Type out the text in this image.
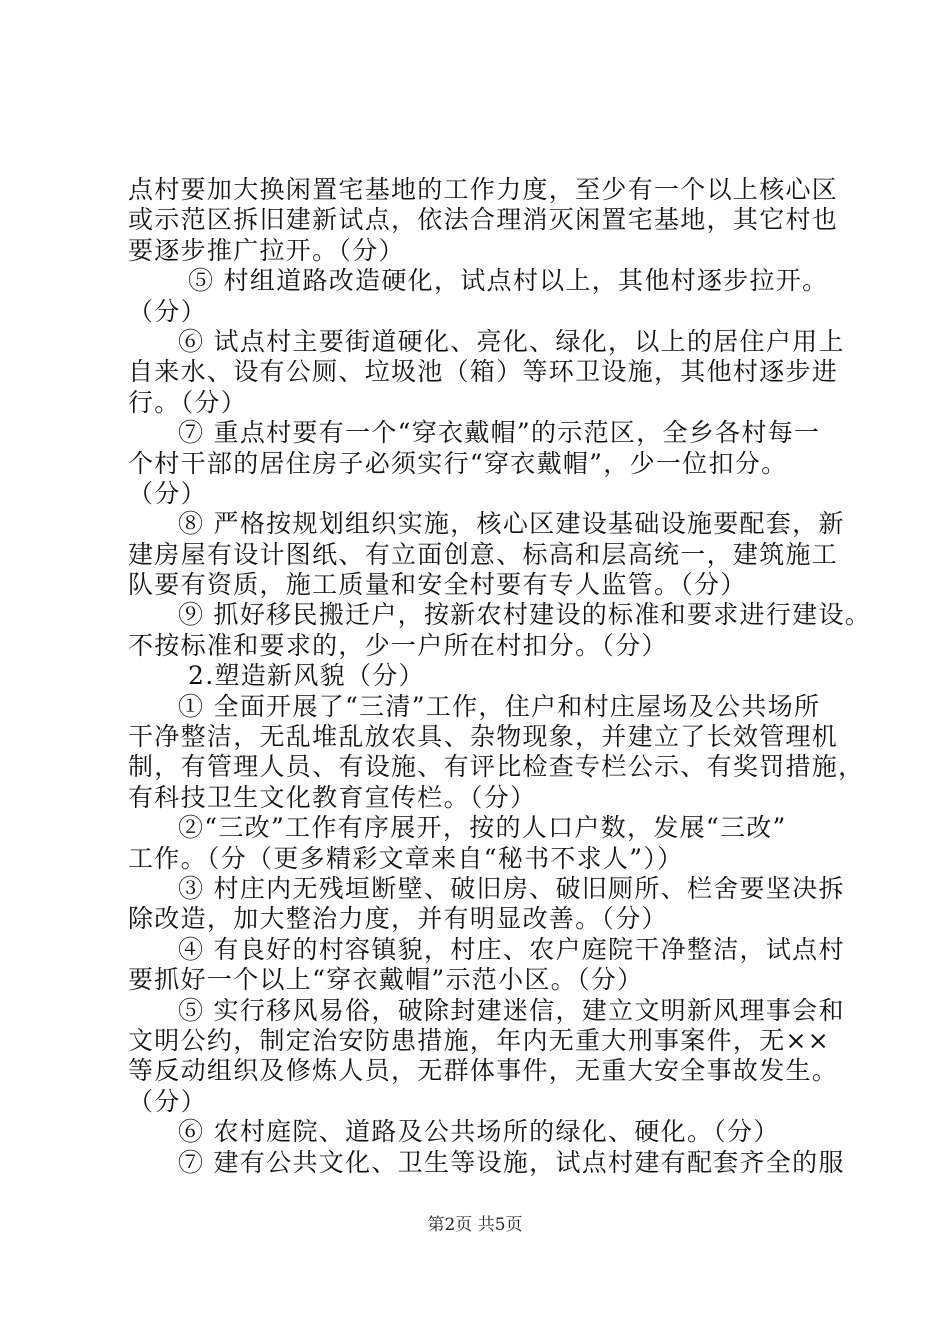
点村要加大换闲置宅基地的工作力度，至少有一个以上核心区
或示范区拆旧建新试点，依法合理消灭闲置宅基地，其它村也
要逐步推广拉开。（分）
⑤ 村组道路改造硬化，试点村以上，其他村逐步拉开。
（分）
⑥ 试点村主要街道硬化、亮化、绿化，以上的居住户用上
自来水、设有公厕、垃圾池（箱）等环卫设施，其他村逐步进
行。（分）
⑦ 重点村要有一个“穿衣戴帽”的示范区，全乡各村每一
个村干部的居住房子必须实行“穿衣戴帽”，少一位扣分。
（分）
⑧ 严格按规划组织实施，核心区建设基础设施要配套，新
建房屋有设计图纸、有立面创意、标高和层高统一，建筑施工
队要有资质，施工质量和安全村要有专人监管。（分）
⑨ 抓好移民搬迁户，按新农村建设的标准和要求进行建设。
不按标准和要求的，少一户所在村扣分。（分）
2.塑造新风貌（分）
① 全面开展了“三清”工作，住户和村庄屋场及公共场所
干净整洁，无乱堆乱放农具、杂物现象，并建立了长效管理机
制，有管理人员、有设施、有评比检查专栏公示、有奖罚措施，
有科技卫生文化教育宣传栏。（分）
②“三改”工作有序展开，按的人口户数，发展“三改”
工作。（分（更多精彩文章来自“秘书不求人”））
③ 村庄内无残垣断壁、破旧房、破旧厕所、栏舍要坚决拆
除改造，加大整治力度，并有明显改善。（分）
④ 有良好的村容镇貌，村庄、农户庭院干净整洁，试点村
要抓好一个以上“穿衣戴帽”示范小区。（分）
⑤ 实行移风易俗，破除封建迷信，建立文明新风理事会和
文明公约，制定治安防患措施，年内无重大刑事案件，无××
等反动组织及修炼人员，无群体事件，无重大安全事故发生。
（分）
⑥ 农村庭院、道路及公共场所的绿化、硬化。（分）
⑦ 建有公共文化、卫生等设施，试点村建有配套齐全的服
第2页 共5页
